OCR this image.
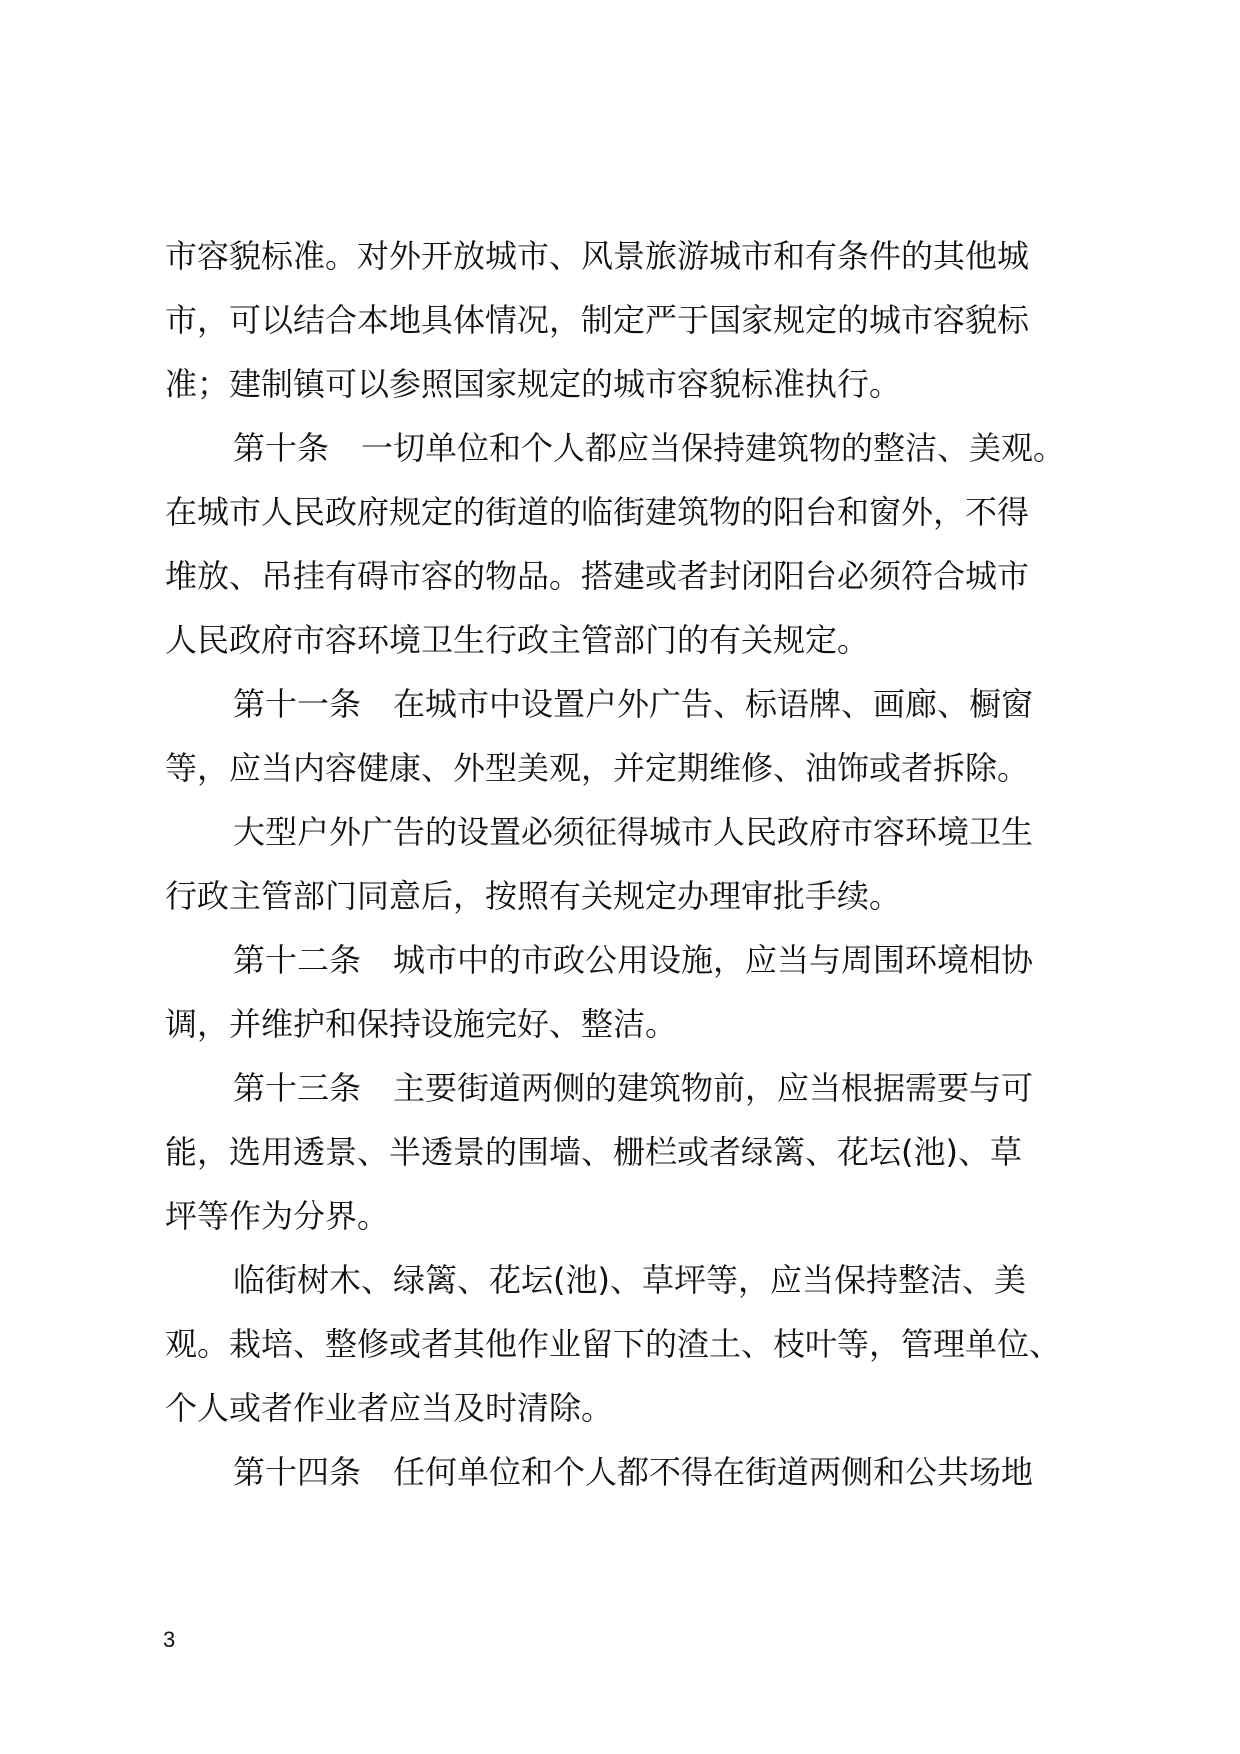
市容貌标准。对外开放城市、风景旅游城市和有条件的其他城
市，可以结合本地具体情况，制定严于国家规定的城市容貌标
准；建制镇可以参照国家规定的城市容貌标准执行。
第十条　一切单位和个人都应当保持建筑物的整洁、美观。
在城市人民政府规定的街道的临街建筑物的阳台和窗外，不得
堆放、吊挂有碍市容的物品。搭建或者封闭阳台必须符合城市
人民政府市容环境卫生行政主管部门的有关规定。
第十一条　在城市中设置户外广告、标语牌、画廊、橱窗
等，应当内容健康、外型美观，并定期维修、油饰或者拆除。
大型户外广告的设置必须征得城市人民政府市容环境卫生
行政主管部门同意后，按照有关规定办理审批手续。
第十二条　城市中的市政公用设施，应当与周围环境相协
调，并维护和保持设施完好、整洁。
第十三条　主要街道两侧的建筑物前，应当根据需要与可
能，选用透景、半透景的围墙、栅栏或者绿篱、花坛(池)、草
坪等作为分界。
临街树木、绿篱、花坛(池)、草坪等，应当保持整洁、美
观。栽培、整修或者其他作业留下的渣土、枝叶等，管理单位、
个人或者作业者应当及时清除。
第十四条　任何单位和个人都不得在街道两侧和公共场地
3
